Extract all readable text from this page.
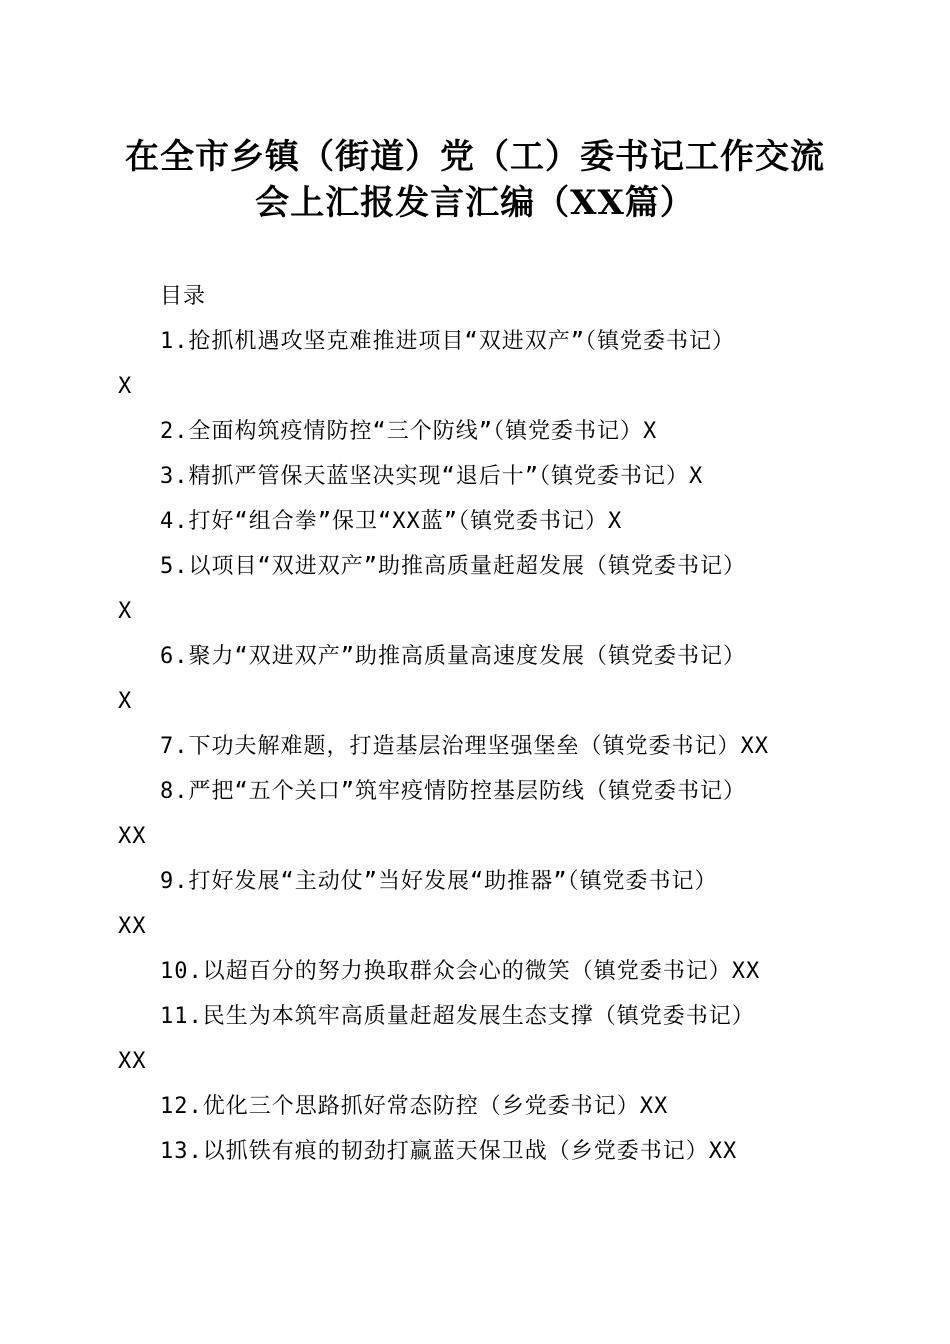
在全市乡镇（街道）党（工）委书记工作交流
会上汇报发言汇编（XX篇）
目录
1.抢抓机遇攻坚克难推进项目“双进双产”（镇党委书记）
X
2.全面构筑疫情防控“三个防线”（镇党委书记）X
3.精抓严管保天蓝坚决实现“退后十”（镇党委书记）X
4.打好“组合拳”保卫“XX蓝”（镇党委书记）X
5.以项目“双进双产”助推高质量赶超发展（镇党委书记）
X
6.聚力“双进双产”助推高质量高速度发展（镇党委书记）
X
7.下功夫解难题，打造基层治理坚强堡垒（镇党委书记）XX
8.严把“五个关口”筑牢疫情防控基层防线（镇党委书记）
XX
9.打好发展“主动仗”当好发展“助推器”（镇党委书记）
XX
10.以超百分的努力换取群众会心的微笑（镇党委书记）XX
11.民生为本筑牢高质量赶超发展生态支撑（镇党委书记）
XX
12.优化三个思路抓好常态防控（乡党委书记）XX
13.以抓铁有痕的韧劲打赢蓝天保卫战（乡党委书记）XX
